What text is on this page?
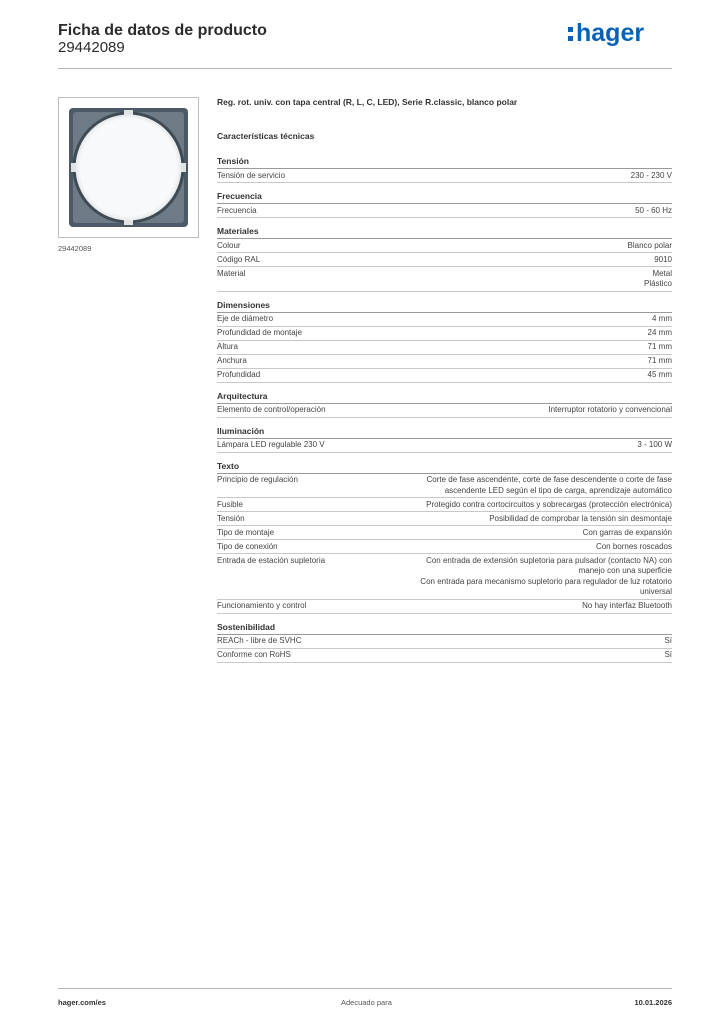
Ficha de datos de producto
29442089
hager
29442089
Reg. rot. univ. con tapa central (R, L, C, LED), Serie R.classic, blanco polar
Características técnicas
Tensión
Tensión de servicio	230 - 230 V
Frecuencia
Frecuencia	50 - 60 Hz
Materiales
Colour	Blanco polar
Código RAL	9010
Material	Metal
Plástico
Dimensiones
Eje de diámetro	4 mm
Profundidad de montaje	24 mm
Altura	71 mm
Anchura	71 mm
Profundidad	45 mm
Arquitectura
Elemento de control/operación	Interruptor rotatorio y convencional
Iluminación
Lámpara LED regulable 230 V	3 - 100 W
Texto
Principio de regulación	Corte de fase ascendente, corte de fase descendente o corte de fase
ascendente LED según el tipo de carga, aprendizaje automático
Fusible	Protegido contra cortocircuitos y sobrecargas (protección electrónica)
Tensión	Posibilidad de comprobar la tensión sin desmontaje
Tipo de montaje	Con garras de expansión
Tipo de conexión	Con bornes roscados
Entrada de estación supletoria	Con entrada de extensión supletoria para pulsador (contacto NA) con
manejo con una superficie
Con entrada para mecanismo supletorio para regulador de luz rotatorio
universal
Funcionamiento y control	No hay interfaz Bluetooth
Sostenibilidad
REACh - libre de SVHC	Sí
Conforme con RoHS	Sí
hager.com/es	Adecuado para	10.01.2026
